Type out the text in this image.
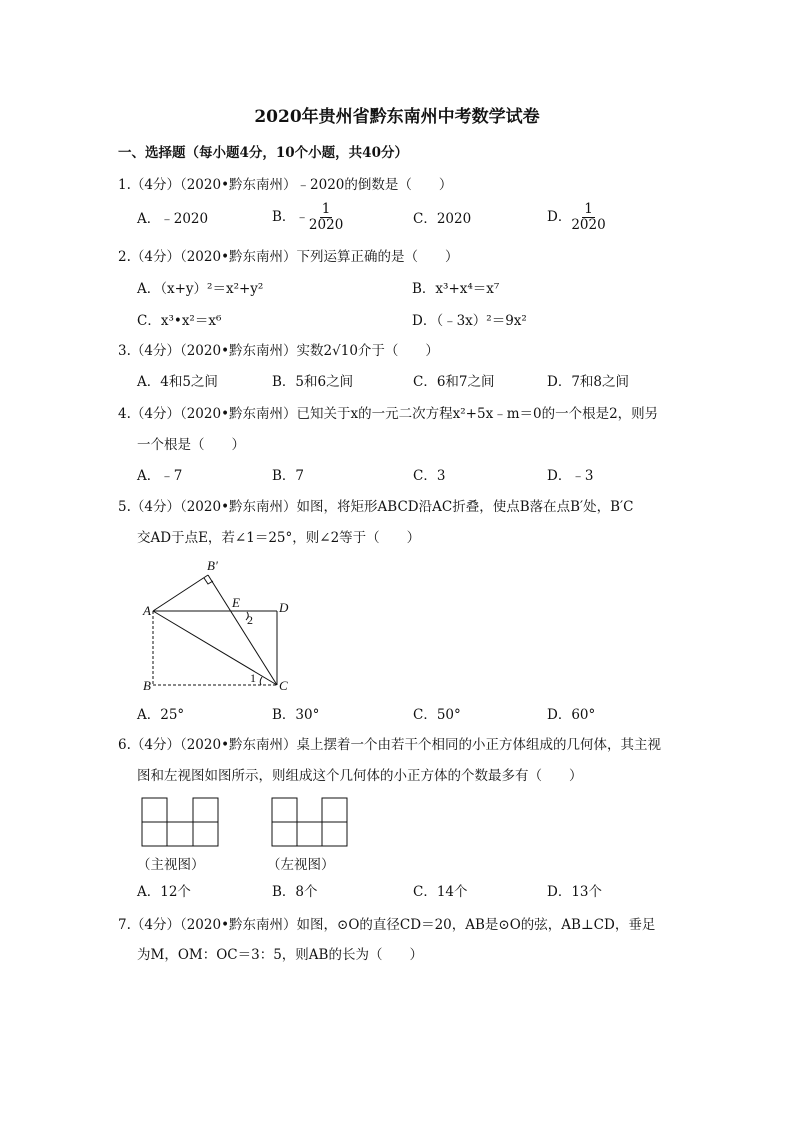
2020年贵州省黔东南州中考数学试卷
一、选择题（每小题4分，10个小题，共40分）
1.（4分）（2020•黔东南州）﹣2020的倒数是（　　）
A．﹣2020	B．﹣ $\frac{1}{2020}$	C．2020	D． $\frac{1}{2020}$
2.（4分）（2020•黔东南州）下列运算正确的是（　　）
A．（x+y）²＝x²+y²	B．x³+x⁴＝x⁷
C．x³•x²＝x⁶	D．（﹣3x）²＝9x²
3.（4分）（2020•黔东南州）实数2√10介于（　　）
A．4和5之间	B．5和6之间	C．6和7之间	D．7和8之间
4.（4分）（2020•黔东南州）已知关于x的一元二次方程x²+5x﹣m＝0的一个根是2，则另
一个根是（　　）
A．﹣7	B．7	C．3	D．﹣3
5.（4分）（2020•黔东南州）如图，将矩形ABCD沿AC折叠，使点B落在点B′处，B′C
交AD于点E，若∠1＝25°，则∠2等于（　　）
B′
A
E	D
B	C
2
1
A．25°	B．30°	C．50°	D．60°
6.（4分）（2020•黔东南州）桌上摆着一个由若干个相同的小正方体组成的几何体，其主视
图和左视图如图所示，则组成这个几何体的小正方体的个数最多有（　　）
（主视图）	（左视图）
A．12个	B．8个	C．14个	D．13个
7.（4分）（2020•黔东南州）如图，⊙O的直径CD＝20，AB是⊙O的弦，AB⊥CD，垂足
为M，OM：OC＝3：5，则AB的长为（　　）
